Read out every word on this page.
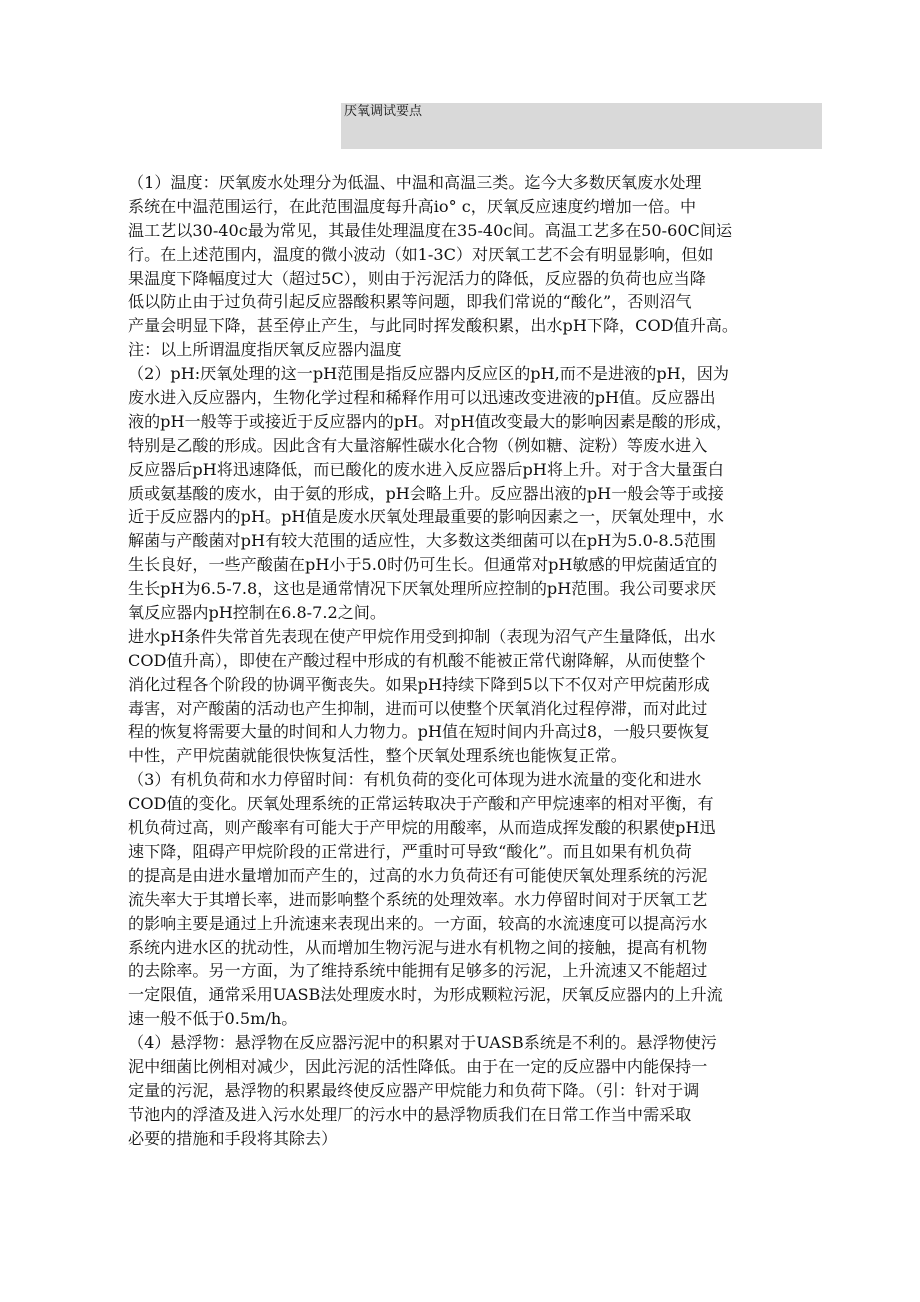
厌氧调试要点

（1）温度：厌氧废水处理分为低温、中温和高温三类。迄今大多数厌氧废水处理
系统在中温范围运行，在此范围温度每升高io° c，厌氧反应速度约增加一倍。中
温工艺以30-40c最为常见，其最佳处理温度在35-40c间。高温工艺多在50-60C间运
行。在上述范围内，温度的微小波动（如1-3C）对厌氧工艺不会有明显影响，但如
果温度下降幅度过大（超过5C），则由于污泥活力的降低，反应器的负荷也应当降
低以防止由于过负荷引起反应器酸积累等问题，即我们常说的“酸化”，否则沼气
产量会明显下降，甚至停止产生，与此同时挥发酸积累，出水pH下降，COD值升高。
注：以上所谓温度指厌氧反应器内温度
（2）pH:厌氧处理的这一pH范围是指反应器内反应区的pH,而不是进液的pH，因为
废水进入反应器内，生物化学过程和稀释作用可以迅速改变进液的pH值。反应器出
液的pH一般等于或接近于反应器内的pH。对pH值改变最大的影响因素是酸的形成，
特别是乙酸的形成。因此含有大量溶解性碳水化合物（例如糖、淀粉）等废水进入
反应器后pH将迅速降低，而已酸化的废水进入反应器后pH将上升。对于含大量蛋白
质或氨基酸的废水，由于氨的形成，pH会略上升。反应器出液的pH一般会等于或接
近于反应器内的pH。pH值是废水厌氧处理最重要的影响因素之一，厌氧处理中，水
解菌与产酸菌对pH有较大范围的适应性，大多数这类细菌可以在pH为5.0-8.5范围
生长良好，一些产酸菌在pH小于5.0时仍可生长。但通常对pH敏感的甲烷菌适宜的
生长pH为6.5-7.8，这也是通常情况下厌氧处理所应控制的pH范围。我公司要求厌
氧反应器内pH控制在6.8-7.2之间。
进水pH条件失常首先表现在使产甲烷作用受到抑制（表现为沼气产生量降低，出水
COD值升高），即使在产酸过程中形成的有机酸不能被正常代谢降解，从而使整个
消化过程各个阶段的协调平衡丧失。如果pH持续下降到5以下不仅对产甲烷菌形成
毒害，对产酸菌的活动也产生抑制，进而可以使整个厌氧消化过程停滞，而对此过
程的恢复将需要大量的时间和人力物力。pH值在短时间内升高过8，一般只要恢复
中性，产甲烷菌就能很快恢复活性，整个厌氧处理系统也能恢复正常。
（3）有机负荷和水力停留时间：有机负荷的变化可体现为进水流量的变化和进水
COD值的变化。厌氧处理系统的正常运转取决于产酸和产甲烷速率的相对平衡，有
机负荷过高，则产酸率有可能大于产甲烷的用酸率，从而造成挥发酸的积累使pH迅
速下降，阻碍产甲烷阶段的正常进行，严重时可导致“酸化”。而且如果有机负荷
的提高是由进水量增加而产生的，过高的水力负荷还有可能使厌氧处理系统的污泥
流失率大于其增长率，进而影响整个系统的处理效率。水力停留时间对于厌氧工艺
的影响主要是通过上升流速来表现出来的。一方面，较高的水流速度可以提高污水
系统内进水区的扰动性，从而增加生物污泥与进水有机物之间的接触，提高有机物
的去除率。另一方面，为了维持系统中能拥有足够多的污泥，上升流速又不能超过
一定限值，通常采用UASB法处理废水时，为形成颗粒污泥，厌氧反应器内的上升流
速一般不低于0.5m/h。
（4）悬浮物：悬浮物在反应器污泥中的积累对于UASB系统是不利的。悬浮物使污
泥中细菌比例相对减少，因此污泥的活性降低。由于在一定的反应器中内能保持一
定量的污泥，悬浮物的积累最终使反应器产甲烷能力和负荷下降。（引：针对于调
节池内的浮渣及进入污水处理厂的污水中的悬浮物质我们在日常工作当中需采取
必要的措施和手段将其除去）
